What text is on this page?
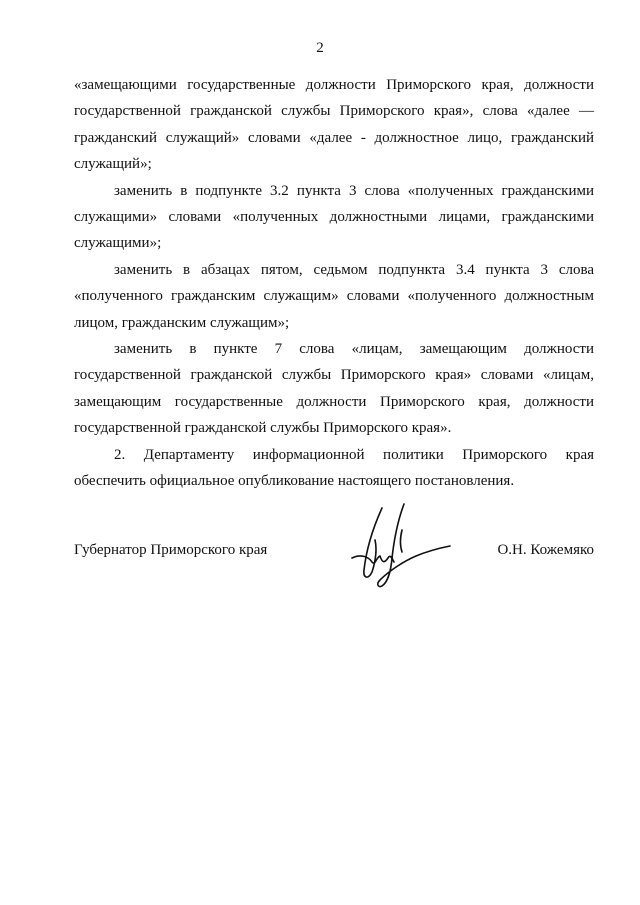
2

«замещающими государственные должности Приморского края, должности государственной гражданской службы Приморского края», слова «далее — гражданский служащий» словами «далее - должностное лицо, гражданский служащий»;

заменить в подпункте 3.2 пункта 3 слова «полученных гражданскими служащими» словами «полученных должностными лицами, гражданскими служащими»;

заменить в абзацах пятом, седьмом подпункта 3.4 пункта 3 слова «полученного гражданским служащим» словами «полученного должностным лицом, гражданским служащим»;

заменить в пункте 7 слова «лицам, замещающим должности государственной гражданской службы Приморского края» словами «лицам, замещающим государственные должности Приморского края, должности государственной гражданской службы Приморского края».

2. Департаменту информационной политики Приморского края обеспечить официальное опубликование настоящего постановления.

Губернатор Приморского края	О.Н. Кожемяко
